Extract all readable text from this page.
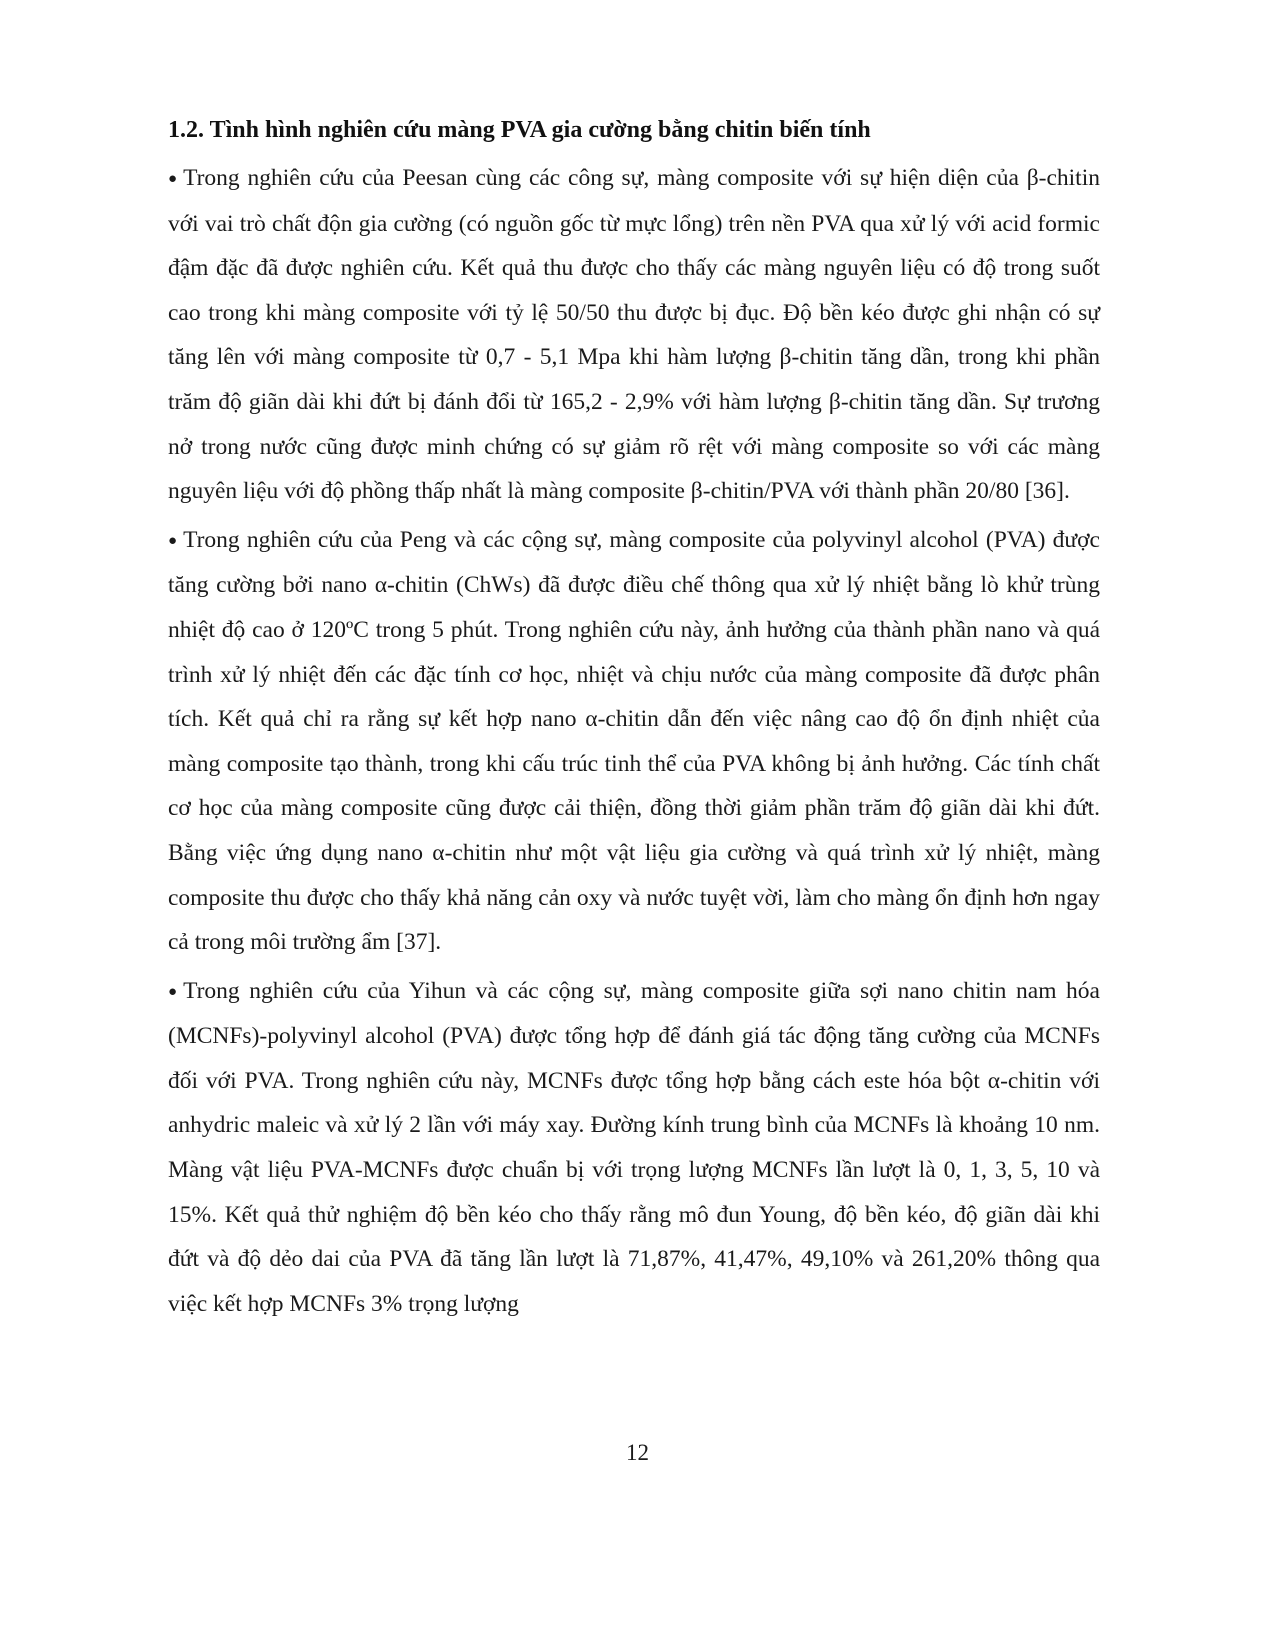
1.2. Tình hình nghiên cứu màng PVA gia cường bằng chitin biến tính

● Trong nghiên cứu của Peesan cùng các công sự, màng composite với sự hiện diện của β-chitin với vai trò chất độn gia cường (có nguồn gốc từ mực lổng) trên nền PVA qua xử lý với acid formic đậm đặc đã được nghiên cứu. Kết quả thu được cho thấy các màng nguyên liệu có độ trong suốt cao trong khi màng composite với tỷ lệ 50/50 thu được bị đục. Độ bền kéo được ghi nhận có sự tăng lên với màng composite từ 0,7 - 5,1 Mpa khi hàm lượng β-chitin tăng dần, trong khi phần trăm độ giãn dài khi đứt bị đánh đổi từ 165,2 - 2,9% với hàm lượng β-chitin tăng dần. Sự trương nở trong nước cũng được minh chứng có sự giảm rõ rệt với màng composite so với các màng nguyên liệu với độ phồng thấp nhất là màng composite β-chitin/PVA với thành phần 20/80 [36].

● Trong nghiên cứu của Peng và các cộng sự, màng composite của polyvinyl alcohol (PVA) được tăng cường bởi nano α-chitin (ChWs) đã được điều chế thông qua xử lý nhiệt bằng lò khử trùng nhiệt độ cao ở 120ºC trong 5 phút. Trong nghiên cứu này, ảnh hưởng của thành phần nano và quá trình xử lý nhiệt đến các đặc tính cơ học, nhiệt và chịu nước của màng composite đã được phân tích. Kết quả chỉ ra rằng sự kết hợp nano α-chitin dẫn đến việc nâng cao độ ổn định nhiệt của màng composite tạo thành, trong khi cấu trúc tinh thể của PVA không bị ảnh hưởng. Các tính chất cơ học của màng composite cũng được cải thiện, đồng thời giảm phần trăm độ giãn dài khi đứt. Bằng việc ứng dụng nano α-chitin như một vật liệu gia cường và quá trình xử lý nhiệt, màng composite thu được cho thấy khả năng cản oxy và nước tuyệt vời, làm cho màng ổn định hơn ngay cả trong môi trường ẩm [37].

● Trong nghiên cứu của Yihun và các cộng sự, màng composite giữa sợi nano chitin nam hóa (MCNFs)-polyvinyl alcohol (PVA) được tổng hợp để đánh giá tác động tăng cường của MCNFs đối với PVA. Trong nghiên cứu này, MCNFs được tổng hợp bằng cách este hóa bột α-chitin với anhydric maleic và xử lý 2 lần với máy xay. Đường kính trung bình của MCNFs là khoảng 10 nm. Màng vật liệu PVA-MCNFs được chuẩn bị với trọng lượng MCNFs lần lượt là 0, 1, 3, 5, 10 và 15%. Kết quả thử nghiệm độ bền kéo cho thấy rằng mô đun Young, độ bền kéo, độ giãn dài khi đứt và độ dẻo dai của PVA đã tăng lần lượt là 71,87%, 41,47%, 49,10% và 261,20% thông qua việc kết hợp MCNFs 3% trọng lượng

12
